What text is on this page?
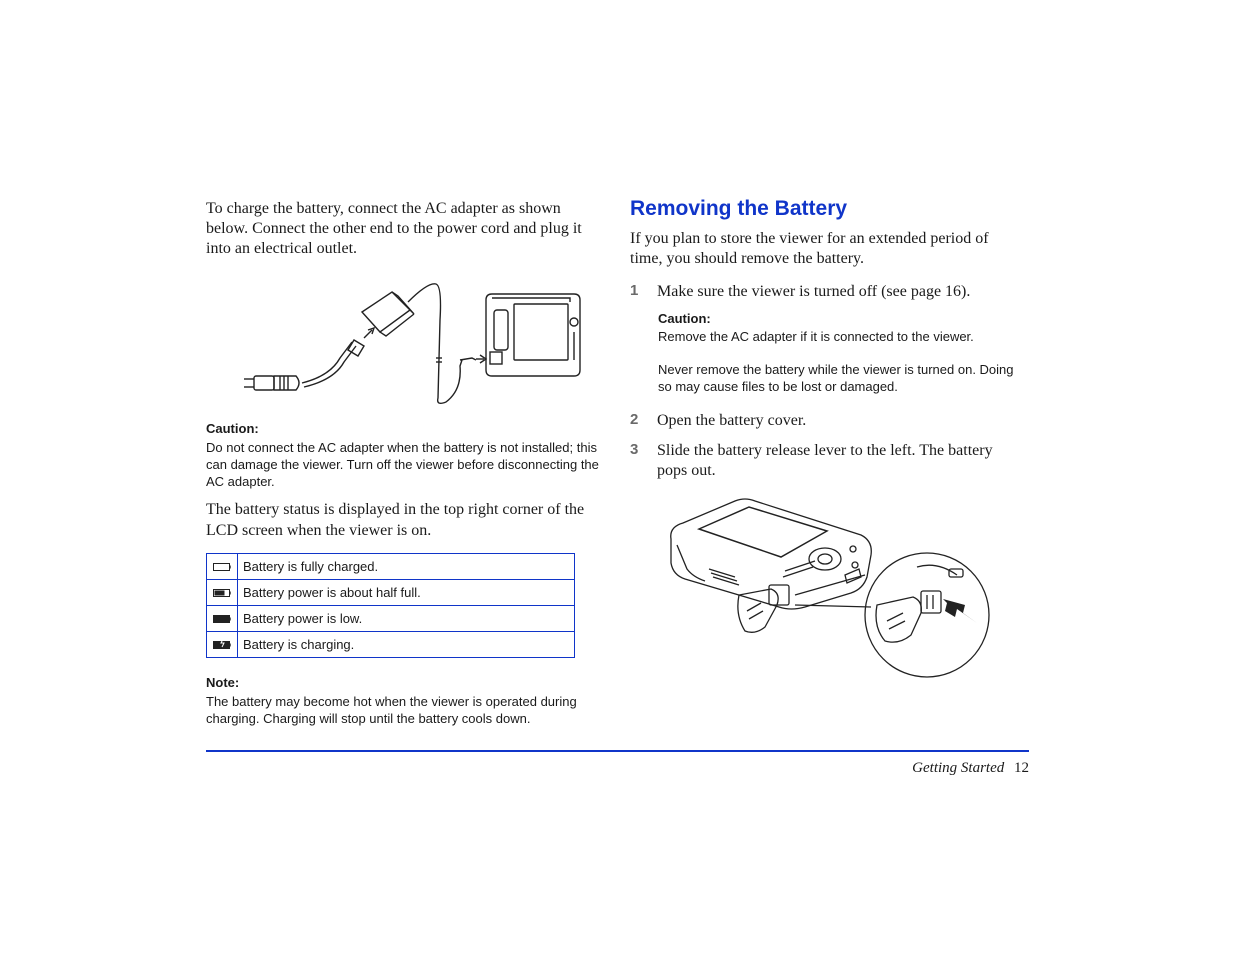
To charge the battery, connect the AC adapter as shown below. Connect the other end to the power cord and plug it into an electrical outlet.

Caution:
Do not connect the AC adapter when the battery is not installed; this can damage the viewer. Turn off the viewer before disconnecting the AC adapter.

The battery status is displayed in the top right corner of the LCD screen when the viewer is on.

	Battery is fully charged.
	Battery power is about half full.
	Battery power is low.
	Battery is charging.
Note:
The battery may become hot when the viewer is operated during charging. Charging will stop until the battery cools down.
Removing the Battery

If you plan to store the viewer for an extended period of time, you should remove the battery.

1 Make sure the viewer is turned off (see page 16).
Caution:
Remove the AC adapter if it is connected to the viewer.
Never remove the battery while the viewer is turned on. Doing so may cause files to be lost or damaged.
2 Open the battery cover.
3 Slide the battery release lever to the left. The battery pops out.
Getting Started 12
